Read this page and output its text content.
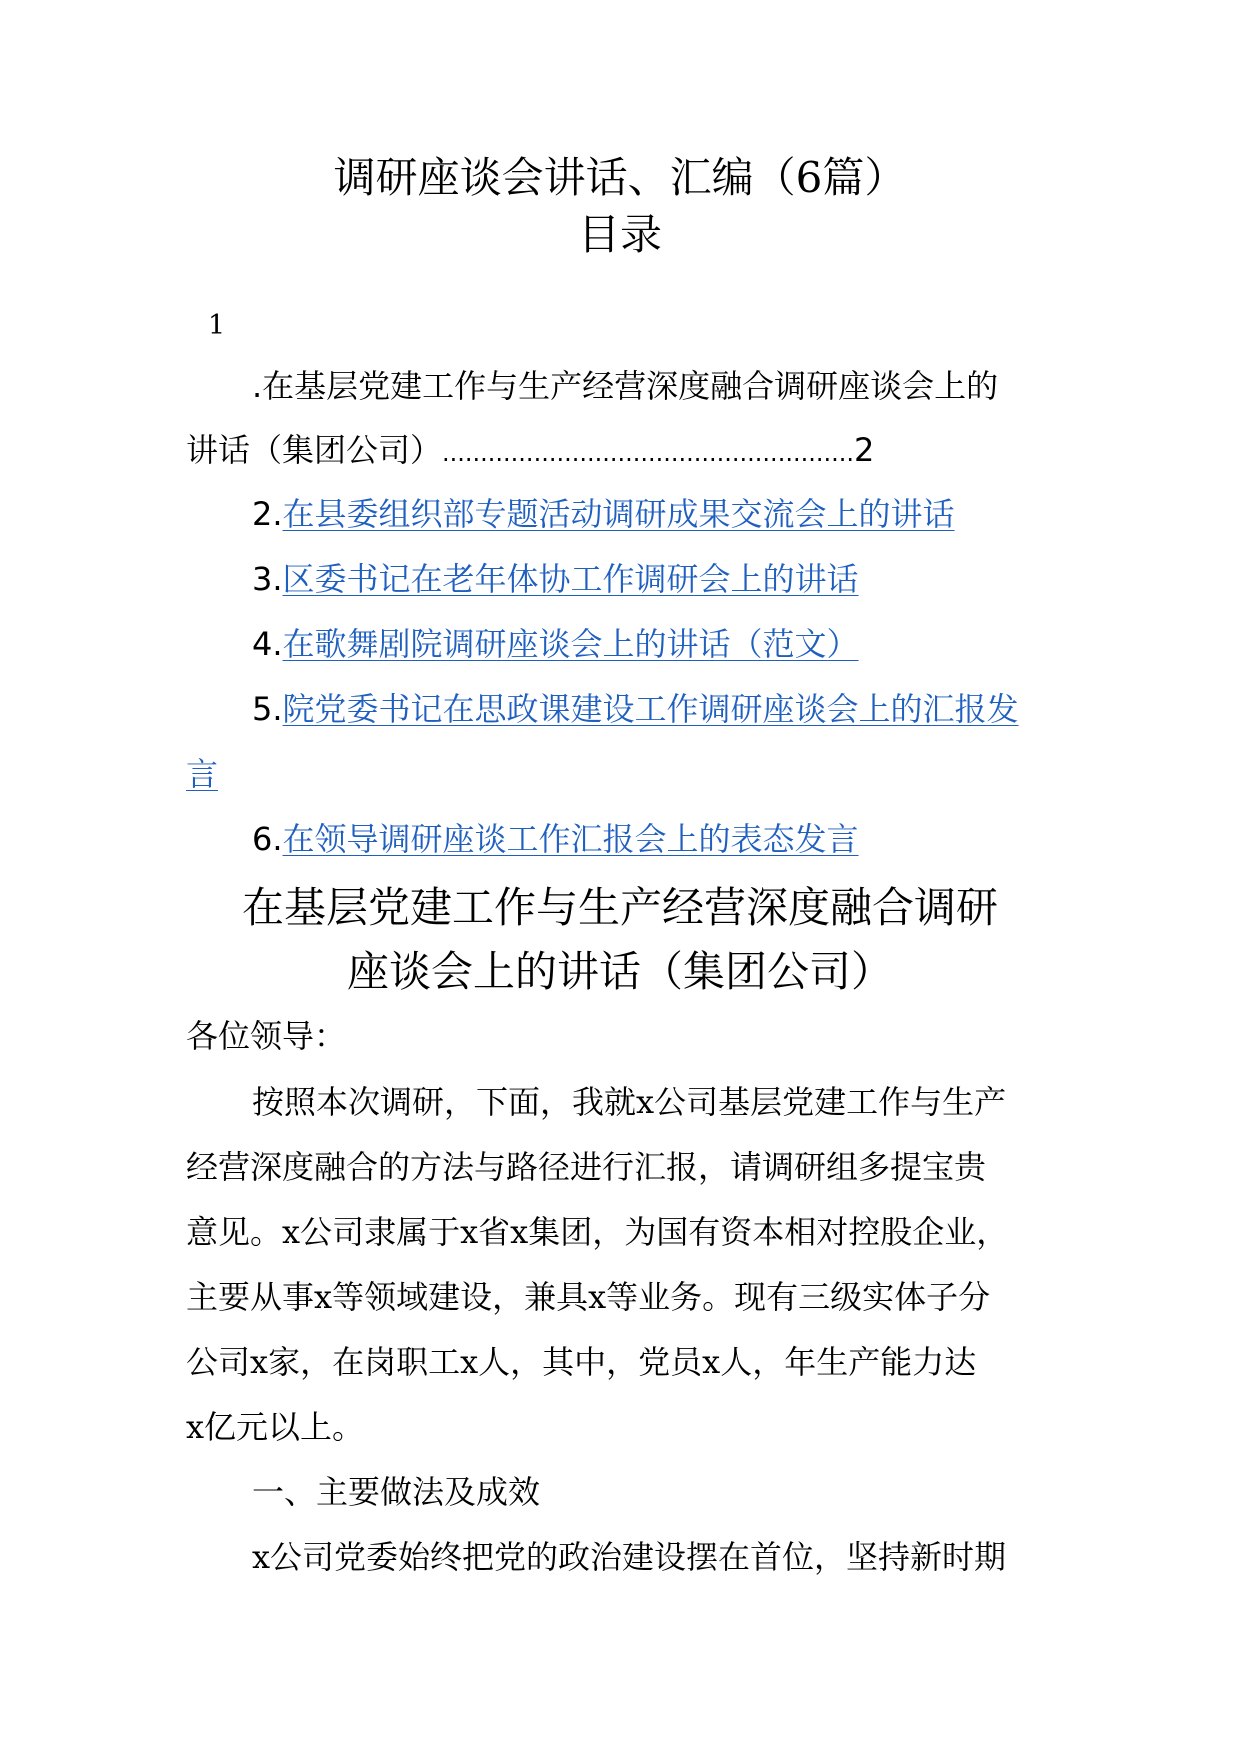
调研座谈会讲话、汇编（6篇）
目录
1
.在基层党建工作与生产经营深度融合调研座谈会上的
讲话（集团公司）......................................................2
2.在县委组织部专题活动调研成果交流会上的讲话
3.区委书记在老年体协工作调研会上的讲话
4.在歌舞剧院调研座谈会上的讲话（范文）
5.院党委书记在思政课建设工作调研座谈会上的汇报发
言
6.在领导调研座谈工作汇报会上的表态发言
在基层党建工作与生产经营深度融合调研
座谈会上的讲话（集团公司）
各位领导：
按照本次调研，下面，我就x公司基层党建工作与生产
经营深度融合的方法与路径进行汇报，请调研组多提宝贵
意见。x公司隶属于x省x集团，为国有资本相对控股企业，
主要从事x等领域建设，兼具x等业务。现有三级实体子分
公司x家，在岗职工x人，其中，党员x人，年生产能力达
x亿元以上。
一、主要做法及成效
x公司党委始终把党的政治建设摆在首位，坚持新时期
